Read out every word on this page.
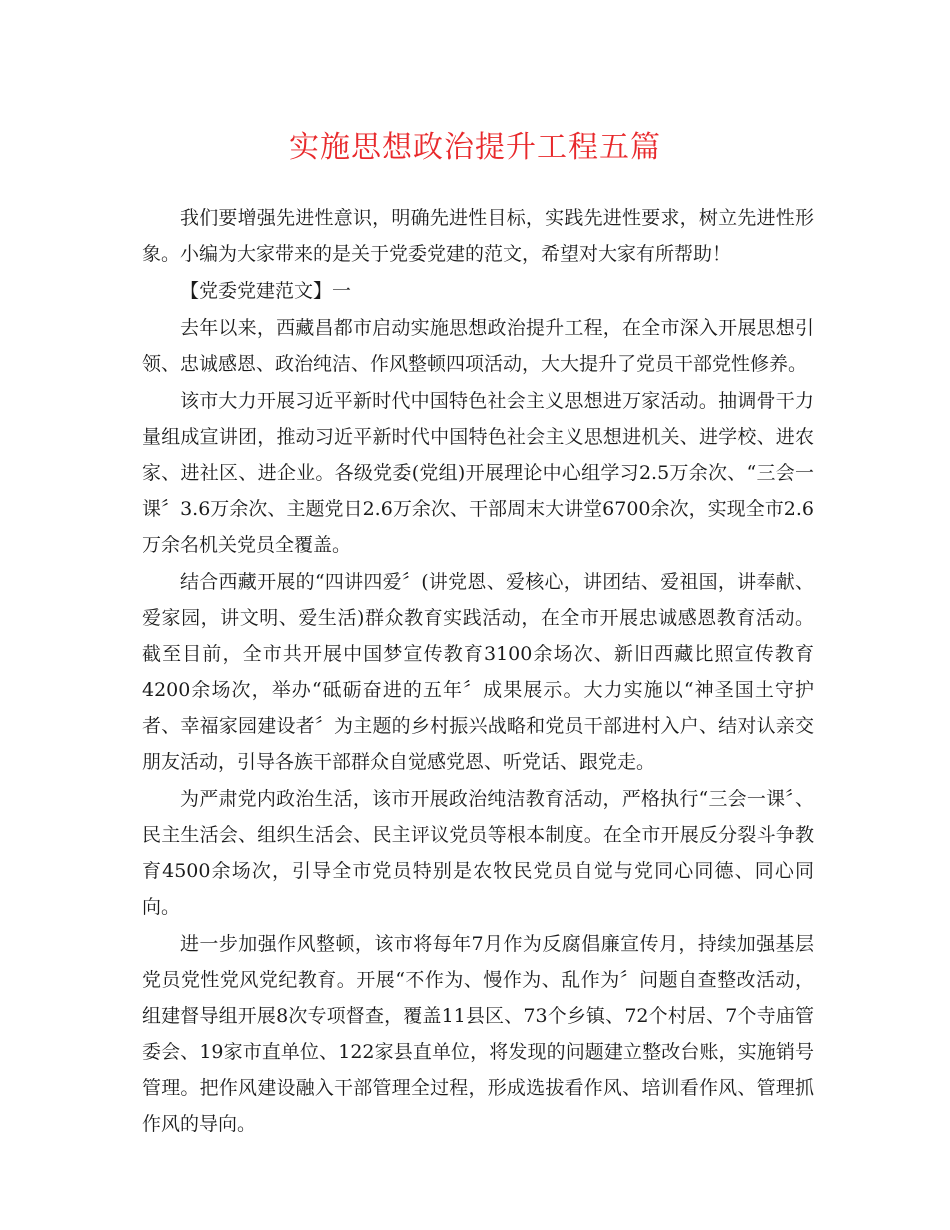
实施思想政治提升工程五篇

我们要增强先进性意识，明确先进性目标，实践先进性要求，树立先进性形象。小编为大家带来的是关于党委党建的范文，希望对大家有所帮助！

【党委党建范文】一

去年以来，西藏昌都市启动实施思想政治提升工程，在全市深入开展思想引领、忠诚感恩、政治纯洁、作风整顿四项活动，大大提升了党员干部党性修养。

该市大力开展习近平新时代中国特色社会主义思想进万家活动。抽调骨干力量组成宣讲团，推动习近平新时代中国特色社会主义思想进机关、进学校、进农家、进社区、进企业。各级党委(党组)开展理论中心组学习2.5万余次、“三会一课〞3.6万余次、主题党日2.6万余次、干部周末大讲堂6700余次，实现全市2.6万余名机关党员全覆盖。

结合西藏开展的“四讲四爱〞(讲党恩、爱核心，讲团结、爱祖国，讲奉献、爱家园，讲文明、爱生活)群众教育实践活动，在全市开展忠诚感恩教育活动。截至目前，全市共开展中国梦宣传教育3100余场次、新旧西藏比照宣传教育4200余场次，举办“砥砺奋进的五年〞成果展示。大力实施以“神圣国土守护者、幸福家园建设者〞为主题的乡村振兴战略和党员干部进村入户、结对认亲交朋友活动，引导各族干部群众自觉感党恩、听党话、跟党走。

为严肃党内政治生活，该市开展政治纯洁教育活动，严格执行“三会一课〞、民主生活会、组织生活会、民主评议党员等根本制度。在全市开展反分裂斗争教育4500余场次，引导全市党员特别是农牧民党员自觉与党同心同德、同心同向。

进一步加强作风整顿，该市将每年7月作为反腐倡廉宣传月，持续加强基层党员党性党风党纪教育。开展“不作为、慢作为、乱作为〞问题自查整改活动，组建督导组开展8次专项督查，覆盖11县区、73个乡镇、72个村居、7个寺庙管委会、19家市直单位、122家县直单位，将发现的问题建立整改台账，实施销号管理。把作风建设融入干部管理全过程，形成选拔看作风、培训看作风、管理抓作风的导向。
